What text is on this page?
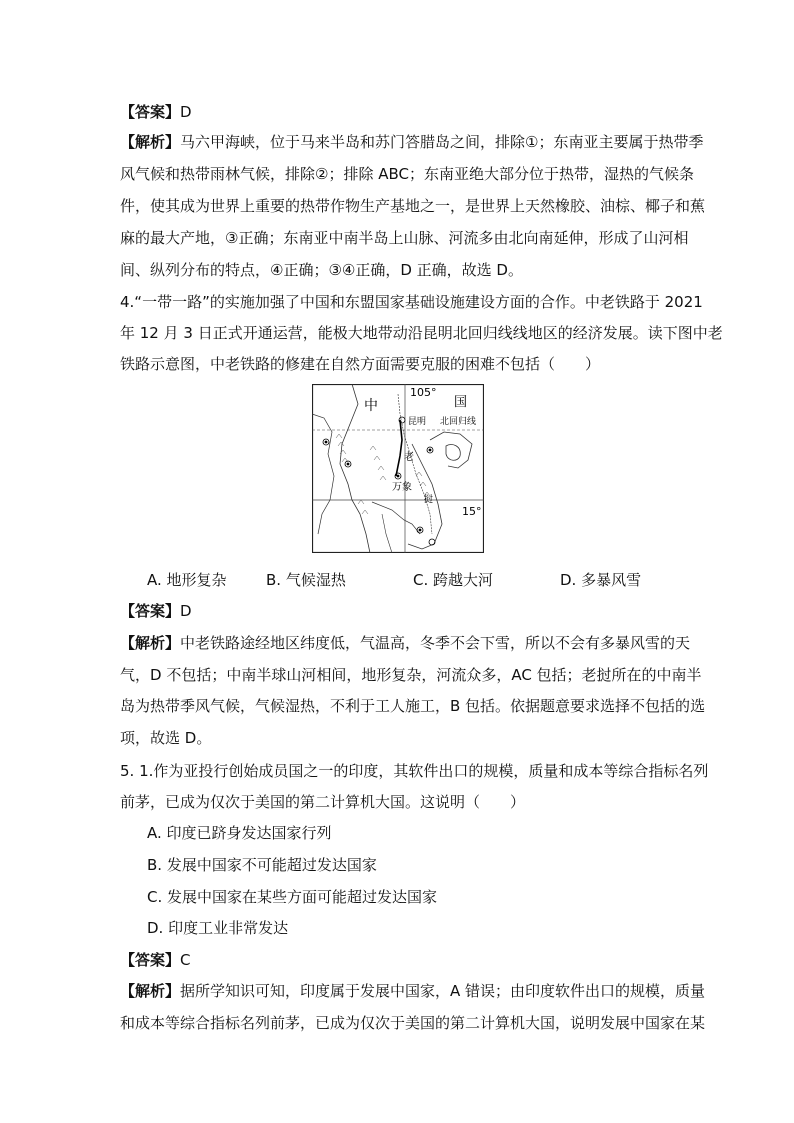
【答案】D
【解析】马六甲海峡，位于马来半岛和苏门答腊岛之间，排除①；东南亚主要属于热带季
风气候和热带雨林气候，排除②；排除 ABC；东南亚绝大部分位于热带，湿热的气候条
件，使其成为世界上重要的热带作物生产基地之一，是世界上天然橡胶、油棕、椰子和蕉
麻的最大产地，③正确；东南亚中南半岛上山脉、河流多由北向南延伸，形成了山河相
间、纵列分布的特点，④正确；③④正确，D 正确，故选 D。
4.“一带一路”的实施加强了中国和东盟国家基础设施建设方面的合作。中老铁路于 2021
年 12 月 3 日正式开通运营，能极大地带动沿昆明北回归线线地区的经济发展。读下图中老
铁路示意图，中老铁路的修建在自然方面需要克服的困难不包括（　　）
中	国
105°
昆明 北回归线
老
万象
挝
15°
A. 地形复杂	B. 气候湿热	C. 跨越大河	D. 多暴风雪
【答案】D
【解析】中老铁路途经地区纬度低，气温高，冬季不会下雪，所以不会有多暴风雪的天
气，D 不包括；中南半球山河相间，地形复杂，河流众多，AC 包括；老挝所在的中南半
岛为热带季风气候，气候湿热，不利于工人施工，B 包括。依据题意要求选择不包括的选
项，故选 D。
5. 1.作为亚投行创始成员国之一的印度，其软件出口的规模，质量和成本等综合指标名列
前茅，已成为仅次于美国的第二计算机大国。这说明（　　）
A. 印度已跻身发达国家行列
B. 发展中国家不可能超过发达国家
C. 发展中国家在某些方面可能超过发达国家
D. 印度工业非常发达
【答案】C
【解析】据所学知识可知，印度属于发展中国家，A 错误；由印度软件出口的规模，质量
和成本等综合指标名列前茅，已成为仅次于美国的第二计算机大国，说明发展中国家在某
